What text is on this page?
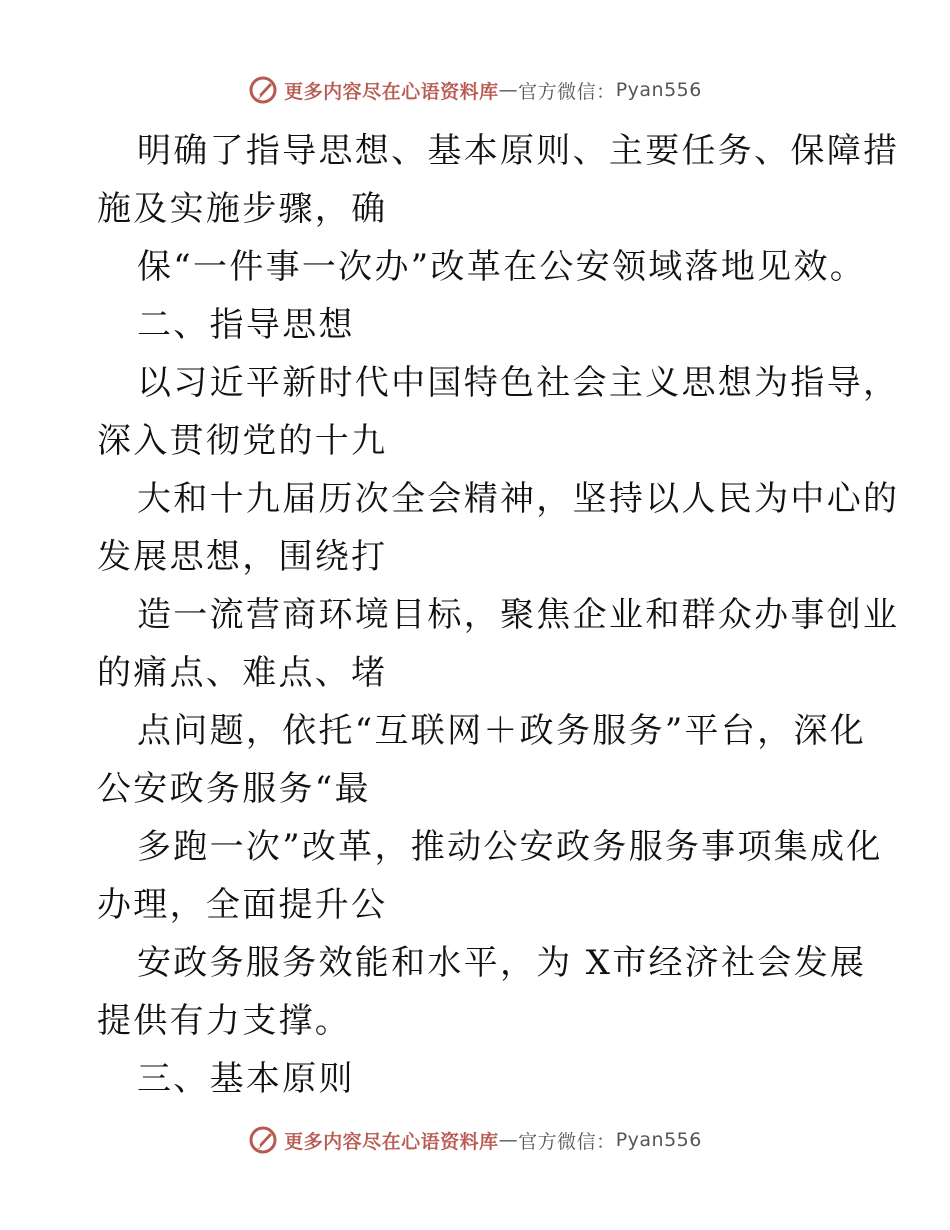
更多内容尽在心语资料库 — 官方微信： Pyan556
明确了指导思想、基本原则、主要任务、保障措
施及实施步骤，确
保“一件事一次办”改革在公安领域落地见效。
二、指导思想
以习近平新时代中国特色社会主义思想为指导，
深入贯彻党的十九
大和十九届历次全会精神，坚持以人民为中心的
发展思想，围绕打
造一流营商环境目标，聚焦企业和群众办事创业
的痛点、难点、堵
点问题，依托“互联网＋政务服务”平台，深化
公安政务服务“最
多跑一次”改革，推动公安政务服务事项集成化
办理，全面提升公
安政务服务效能和水平，为 X市经济社会发展
提供有力支撑。
三、基本原则
更多内容尽在心语资料库 — 官方微信： Pyan556
